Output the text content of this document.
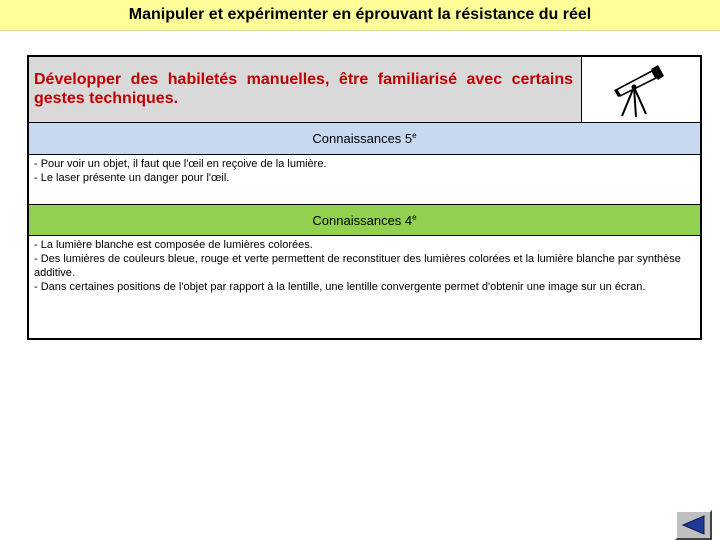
Manipuler et expérimenter en éprouvant la résistance du réel
Développer des habiletés manuelles, être familiarisé avec certains gestes techniques.
Connaissances 5e
- Pour voir un objet, il faut que l'œil en reçoive de la lumière.
- Le laser présente un danger pour l'œil.
Connaissances 4e
- La lumière blanche est composée de lumières colorées.
- Des lumières de couleurs bleue, rouge et verte permettent de reconstituer des lumières colorées et la lumière blanche par synthèse additive.
- Dans certaines positions de l'objet par rapport à la lentille, une lentille convergente permet d'obtenir une image sur un écran.
